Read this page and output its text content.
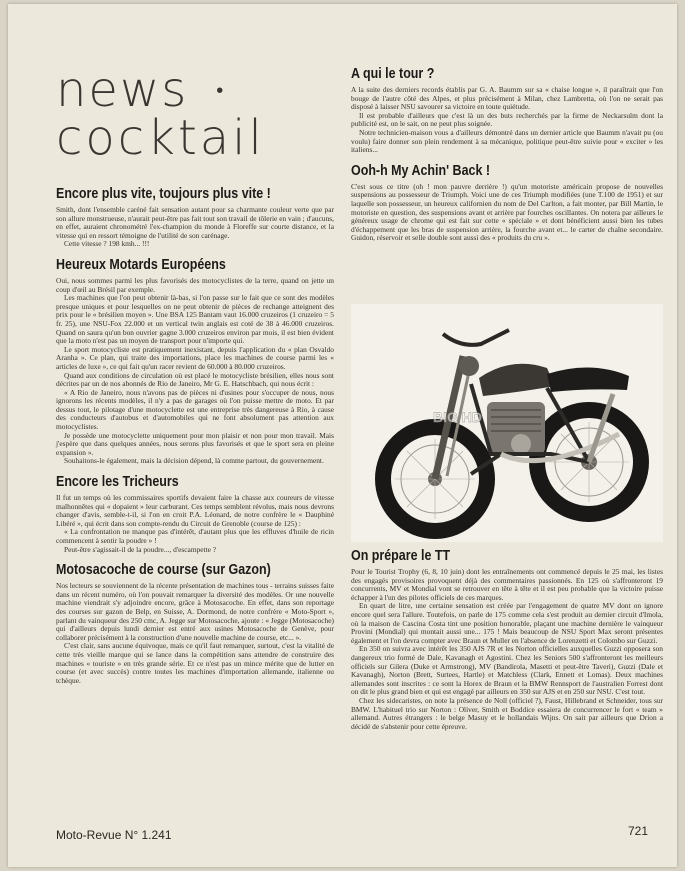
news •
cocktail
Encore plus vite, toujours plus vite !

Smith, dont l'ensemble caréné fait sensation autant pour sa charmante couleur verte que par son allure monstrueuse, n'aurait peut-être pas fait tout son travail de tôlerie en vain ; d'aucuns, en effet, auraient chronométré l'ex-champion du monde à Floreffe sur courte distance, et la vitesse qui en ressort témoigne de l'utilité de son carénage.

Cette vitesse ? 198 kmh... !!!

Heureux Motards Européens

Oui, nous sommes parmi les plus favorisés des motocyclistes de la terre, quand on jette un coup d'œil au Brésil par exemple.

Les machines que l'on peut obtenir là-bas, si l'on passe sur le fait que ce sont des modèles presque uniques et pour lesquelles on ne peut obtenir de pièces de rechange atteignent des prix pour le « brésilien moyen ». Une BSA 125 Bantam vaut 16.000 cruzeiros (1 cruzeiro = 5 fr. 25), une NSU-Fox 22.000 et un vertical twin anglais est coté de 38 à 46.000 cruzeiros. Quand on saura qu'un bon ouvrier gagne 3.000 cruzeiros environ par mois, il est bien évident que la moto n'est pas un moyen de transport pour n'importe qui.

Le sport motocycliste est pratiquement inexistant, depuis l'application du « plan Osvaldo Aranha ». Ce plan, qui traite des importations, place les machines de course parmi les « articles de luxe », ce qui fait qu'un racer revient de 60.000 à 80.000 cruzeiros.

Quand aux conditions de circulation où est placé le motocycliste brésilien, elles nous sont décrites par un de nos abonnés de Rio de Janeiro, Mr G. E. Hatschbach, qui nous écrit :

« A Rio de Janeiro, nous n'avons pas de pièces ni d'usines pour s'occuper de nous, nous ignorons les récents modèles, il n'y a pas de garages où l'on puisse mettre de moto. Et par dessus tout, le pilotage d'une motocyclette est une entreprise très dangereuse à Rio, à cause des conducteurs d'autobus et d'automobiles qui ne font absolument pas attention aux motocyclistes.

Je possède une motocyclette uniquement pour mon plaisir et non pour mon travail. Mais j'espère que dans quelques années, nous serons plus favorisés et que le sport sera en pleine expansion ».

Souhaitons-le également, mais la décision dépend, là comme partout, du gouvernement.

Encore les Tricheurs

Il fut un temps où les commissaires sportifs devaient faire la chasse aux coureurs de vitesse malhonnêtes qui « dopaient » leur carburant. Ces temps semblent révolus, mais nous devrons changer d'avis, semble-t-il, si l'on en croit P.A. Léonard, de notre confrère le « Dauphiné Libéré », qui écrit dans son compte-rendu du Circuit de Grenoble (course de 125) :

« La confrontation ne manque pas d'intérêt, d'autant plus que les effluves d'huile de ricin commencent à sentir la poudre » !

Peut-être s'agissait-il de la poudre..., d'escampette ?

Motosacoche de course (sur Gazon)

Nos lecteurs se souviennent de la récente présentation de machines tous - terrains suisses faite dans un récent numéro, où l'on pouvait remarquer la diversité des modèles. Or une nouvelle machine viendrait s'y adjoindre encore, grâce à Motosacoche. En effet, dans son reportage des courses sur gazon de Belp, en Suisse, A. Dormond, de notre confrère « Moto-Sport », parlant du vainqueur des 250 cmc, A. Jegge sur Motosacoche, ajoute : « Jegge (Motosacoche) qui d'ailleurs depuis lundi dernier est entré aux usines Motosacoche de Genève, pour collaborer précisément à la construction d'une nouvelle machine de course, etc... ».

C'est clair, sans aucune équivoque, mais ce qu'il faut remarquer, surtout, c'est la vitalité de cette très vieille marque qui se lance dans la compétition sans attendre de construire des machines « touriste » en très grande série. Et ce n'est pas un mince mérite que de lutter en course (et avec succès) contre toutes les machines d'importation allemande, italienne ou tchèque.

A qui le tour ?

A la suite des derniers records établis par G. A. Baumm sur sa « chaise longue », il paraîtrait que l'on bouge de l'autre côté des Alpes, et plus précisément à Milan, chez Lambretta, où l'on ne serait pas disposé à laisser NSU savourer sa victoire en toute quiétude.

Il est probable d'ailleurs que c'est là un des buts recherchés par la firme de Neckarsulm dont la publicité est, on le sait, on ne peut plus soignée.

Notre technicien-maison vous a d'ailleurs démontré dans un dernier article que Baumm n'avait pu (ou voulu) faire donner son plein rendement à sa mécanique, politique peut-être suivie pour « exciter » les italiens...

Ooh-h My Achin' Back !

C'est sous ce titre (oh ! mon pauvre derrière !) qu'un motoriste américain propose de nouvelles suspensions au possesseur de Triumph. Voici une de ces Triumph modifiées (une T.100 de 1951) et sur laquelle son possesseur, un heureux californien du nom de Del Carlton, a fait monter, par Bill Martin, le motoriste en question, des suspensions avant et arrière par fourches oscillantes. On notera par ailleurs le généreux usage de chrome qui est fait sur cette « spéciale » et dont bénéficient aussi bien les tubes d'échappement que les bras de suspension arrière, la fourche avant et... le carter de chaîne secondaire. Guidon, réservoir et selle double sont aussi des « produits du cru ».

BIG HD
On prépare le TT

Pour le Tourist Trophy (6, 8, 10 juin) dont les entraînements ont commencé depuis le 25 mai, les listes des engagés provisoires provoquent déjà des commentaires passionnés. En 125 où s'affronteront 19 concurrents, MV et Mondial vont se retrouver en tête à tête et il est peu probable que la victoire puisse échapper à l'un des pilotes officiels de ces marques.

En quart de litre, une certaine sensation est créée par l'engagement de quatre MV dont on ignore encore quel sera l'allure. Toutefois, on parle de 175 comme cela s'est produit au dernier circuit d'Imola, où la maison de Cascina Costa tint une position honorable, plaçant une machine dernière le vainqueur Provini (Mondial) qui montait aussi une... 175 ! Mais beaucoup de NSU Sport Max seront présentes également et l'on devra compter avec Braun et Muller en l'absence de Lorenzetti et Colombo sur Guzzi.

En 350 on suivra avec intérêt les 350 AJS 7R et les Norton officielles auxquelles Guzzi opposera son dangereux trio formé de Dale, Kavanagh et Agostini. Chez les Seniors 500 s'affronteront les meilleurs officiels sur Gilera (Duke et Armstrong), MV (Bandirola, Masetti et peut-être Taveri), Guzzi (Dale et Kavanagh), Norton (Brett, Surtees, Hartle) et Matchless (Clark, Ennett et Lomas). Deux machines allemandes sont inscrites : ce sont la Horex de Braun et la BMW Rennsport de l'australien Forrest dont on dit le plus grand bien et qui est engagé par ailleurs en 350 sur AJS et en 250 sur NSU. C'est tout.

Chez les sidecaristes, on note la présence de Noll (officiel ?), Faust, Hillebrand et Schneider, tous sur BMW. L'habituel trio sur Norton : Oliver, Smith et Boddice essaiera de concurrencer le fort « team » allemand. Autres étrangers : le belge Masuy et le hollandais Wijns. On sait par ailleurs que Drion a décidé de s'abstenir pour cette épreuve.

Moto-Revue N° 1.241	721
